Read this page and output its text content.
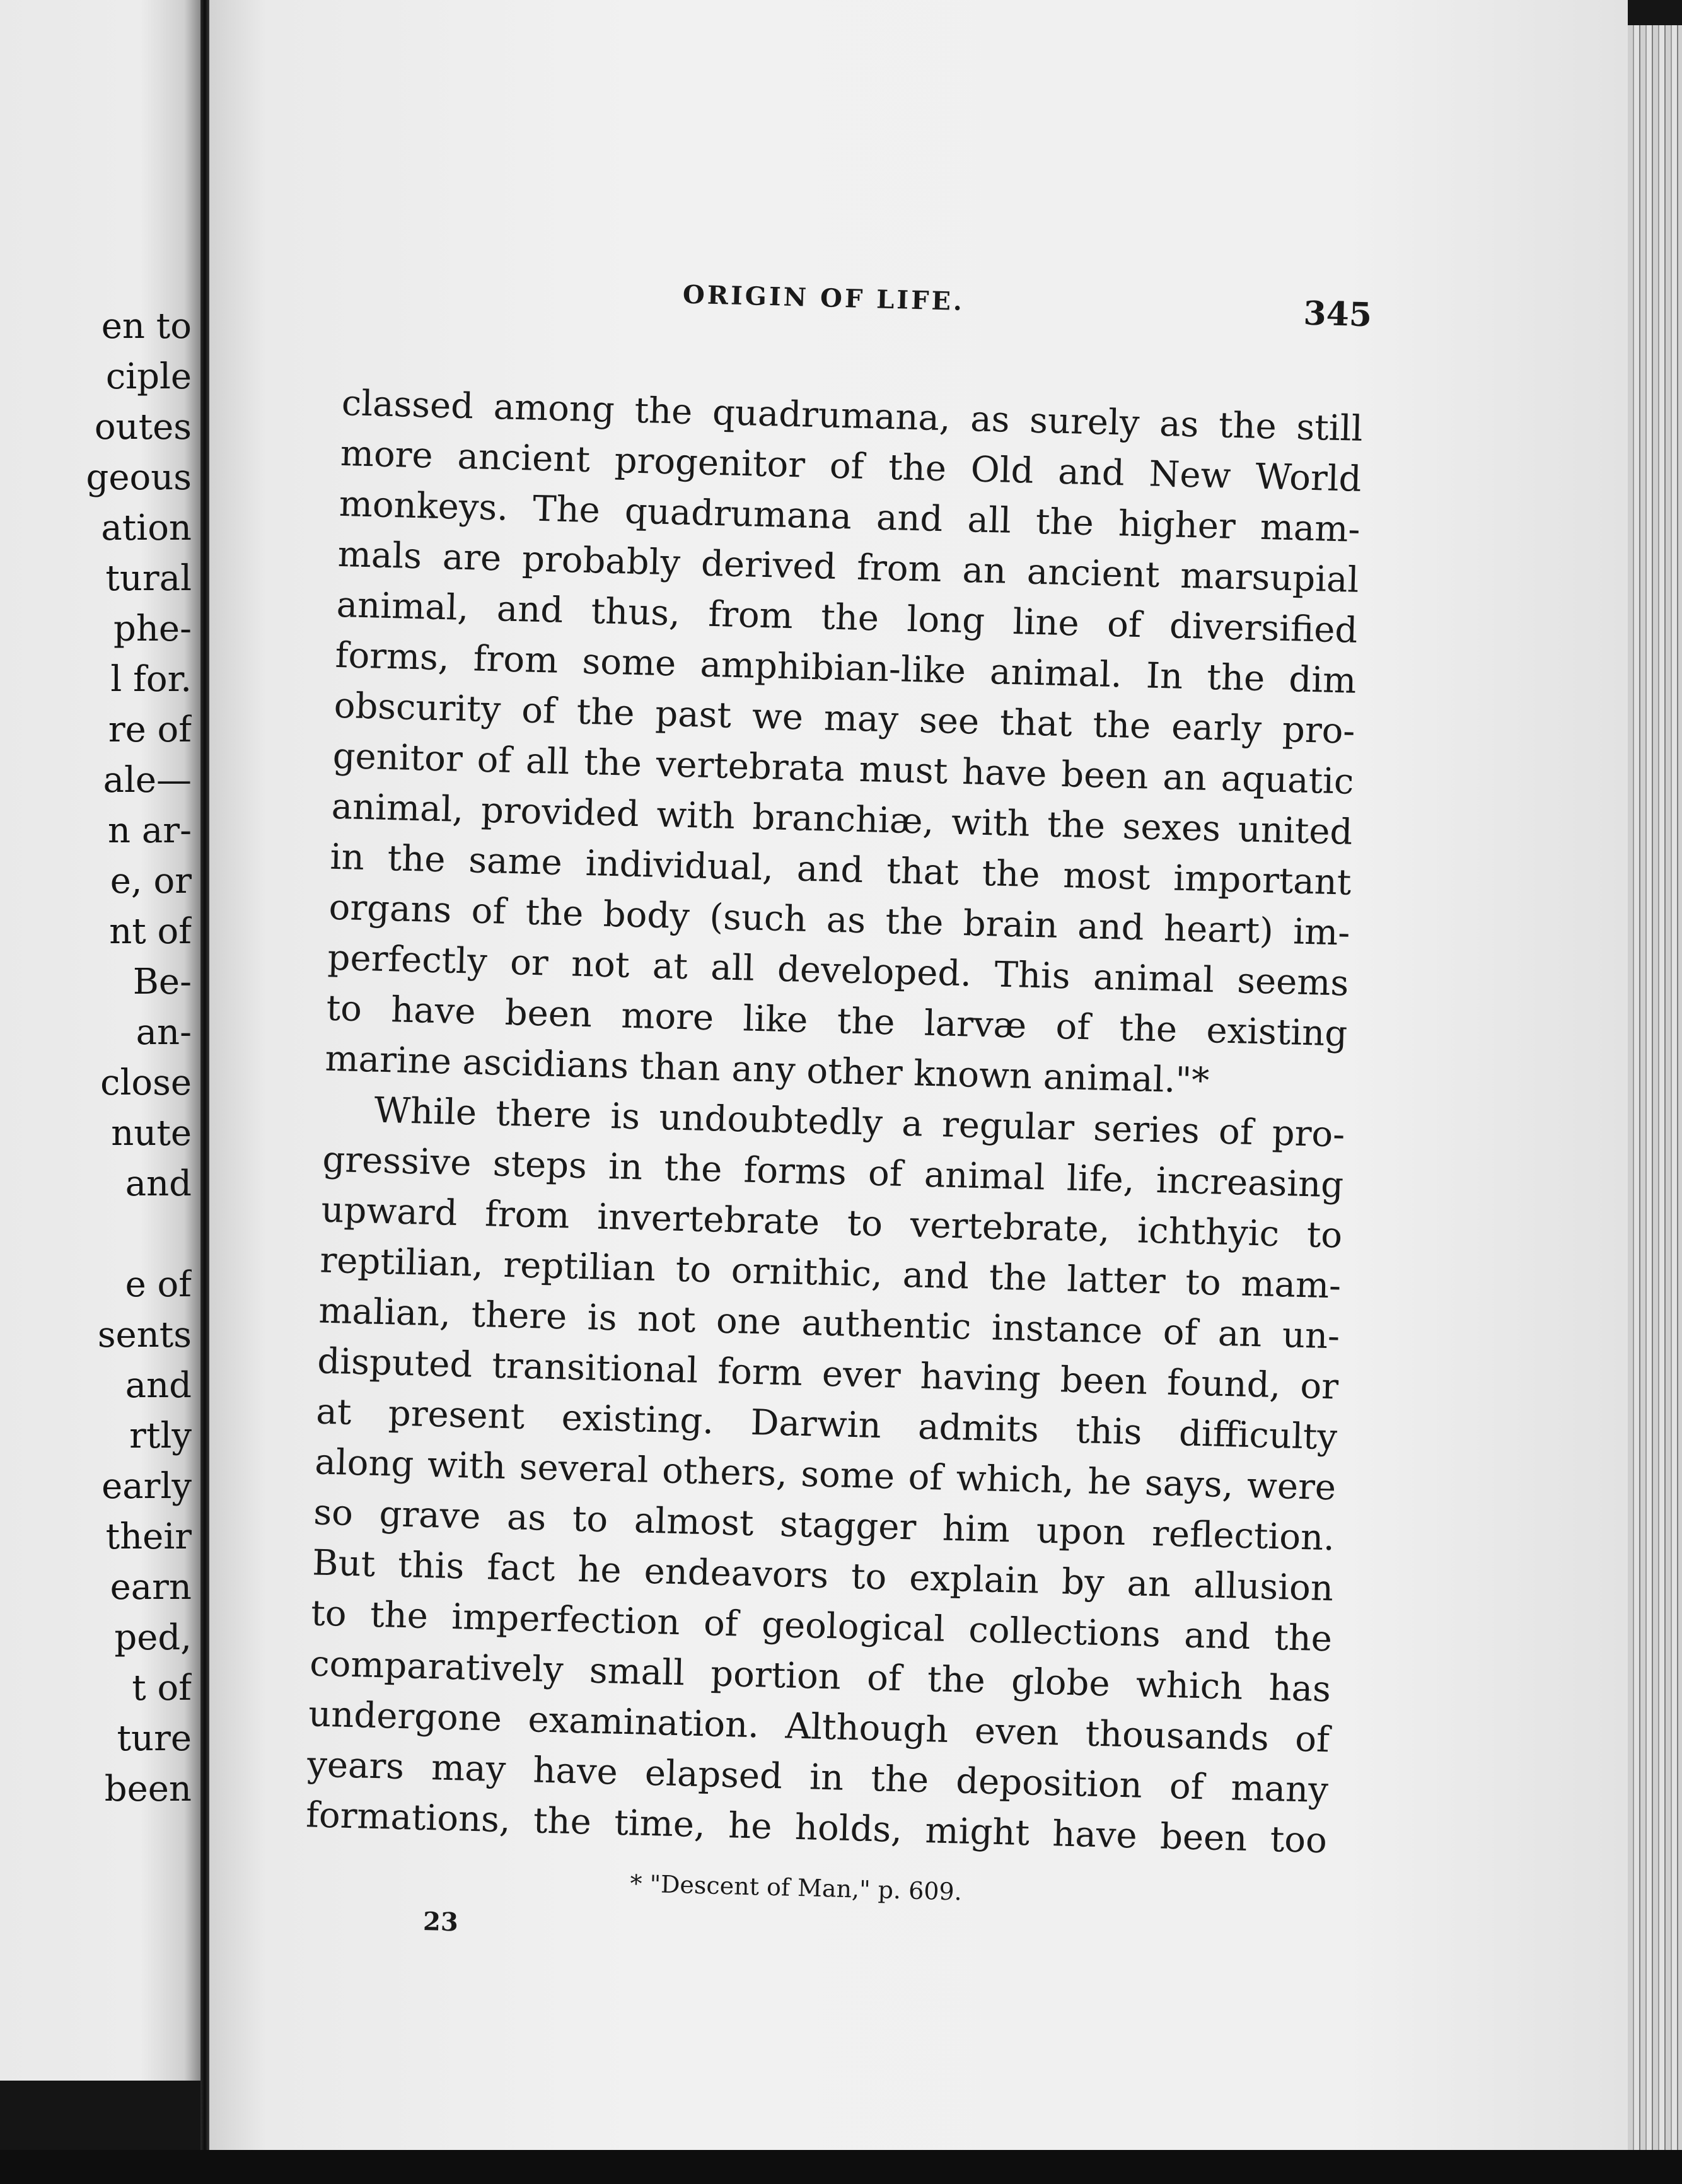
en to
ciple
outes
geous
ation
tural
phe-
l for.
re of
ale—
n ar-
e, or
nt of
Be-
an-
close
nute
and
e of
sents
and
rtly
early
their
earn
ped,
t of
ture
been
ORIGIN OF LIFE.	345
classed among the quadrumana, as surely as the still
more ancient progenitor of the Old and New World
monkeys. The quadrumana and all the higher mam-
mals are probably derived from an ancient marsupial
animal, and thus, from the long line of diversified
forms, from some amphibian-like animal. In the dim
obscurity of the past we may see that the early pro-
genitor of all the vertebrata must have been an aquatic
animal, provided with branchiæ, with the sexes united
in the same individual, and that the most important
organs of the body (such as the brain and heart) im-
perfectly or not at all developed. This animal seems
to have been more like the larvæ of the existing
marine ascidians than any other known animal."*
While there is undoubtedly a regular series of pro-
gressive steps in the forms of animal life, increasing
upward from invertebrate to vertebrate, ichthyic to
reptilian, reptilian to ornithic, and the latter to mam-
malian, there is not one authentic instance of an un-
disputed transitional form ever having been found, or
at present existing. Darwin admits this difficulty
along with several others, some of which, he says, were
so grave as to almost stagger him upon reflection.
But this fact he endeavors to explain by an allusion
to the imperfection of geological collections and the
comparatively small portion of the globe which has
undergone examination. Although even thousands of
years may have elapsed in the deposition of many
formations, the time, he holds, might have been too
* "Descent of Man," p. 609.
23
